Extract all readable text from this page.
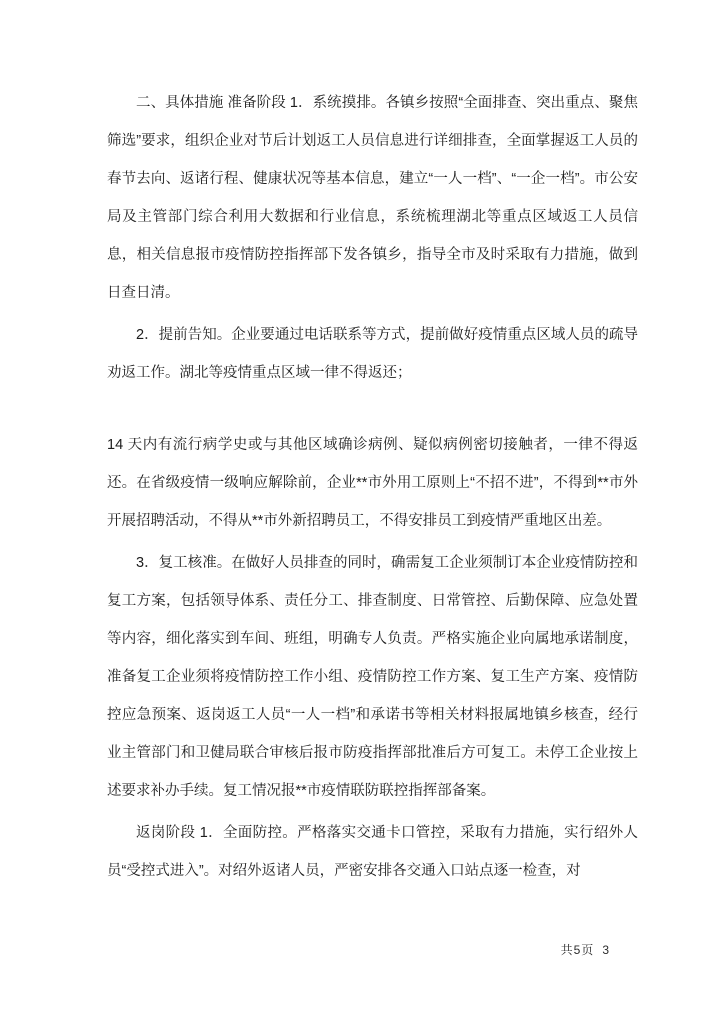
二、具体措施 准备阶段 1．系统摸排。各镇乡按照“全面排查、突出重点、聚焦筛选”要求，组织企业对节后计划返工人员信息进行详细排查，全面掌握返工人员的春节去向、返诸行程、健康状况等基本信息，建立“一人一档”、“一企一档”。市公安局及主管部门综合利用大数据和行业信息，系统梳理湖北等重点区域返工人员信息，相关信息报市疫情防控指挥部下发各镇乡，指导全市及时采取有力措施，做到日查日清。

2．提前告知。企业要通过电话联系等方式，提前做好疫情重点区域人员的疏导劝返工作。湖北等疫情重点区域一律不得返还；

14 天内有流行病学史或与其他区域确诊病例、疑似病例密切接触者，一律不得返还。在省级疫情一级响应解除前，企业**市外用工原则上“不招不进”，不得到**市外开展招聘活动，不得从**市外新招聘员工，不得安排员工到疫情严重地区出差。

3．复工核准。在做好人员排查的同时，确需复工企业须制订本企业疫情防控和复工方案，包括领导体系、责任分工、排查制度、日常管控、后勤保障、应急处置等内容，细化落实到车间、班组，明确专人负责。严格实施企业向属地承诺制度，准备复工企业须将疫情防控工作小组、疫情防控工作方案、复工生产方案、疫情防控应急预案、返岗返工人员“一人一档”和承诺书等相关材料报属地镇乡核查，经行业主管部门和卫健局联合审核后报市防疫指挥部批准后方可复工。未停工企业按上述要求补办手续。复工情况报**市疫情联防联控指挥部备案。

返岗阶段 1．全面防控。严格落实交通卡口管控，采取有力措施，实行绍外人员“受控式进入”。对绍外返诸人员，严密安排各交通入口站点逐一检查，对

共5页 3
